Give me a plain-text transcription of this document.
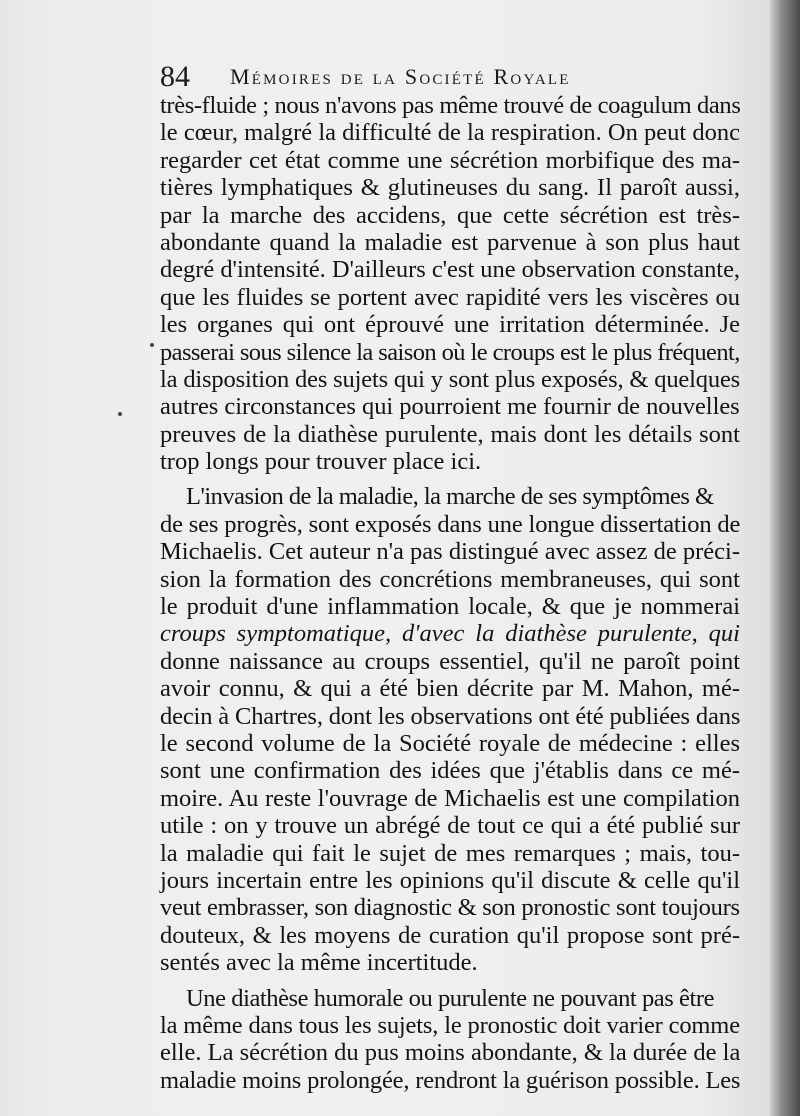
84 Mémoires de la Société Royale
très-fluide ; nous n'avons pas même trouvé de coagulum dans
le cœur, malgré la difficulté de la respiration. On peut donc
regarder cet état comme une sécrétion morbifique des ma-
tières lymphatiques & glutineuses du sang. Il paroît aussi,
par la marche des accidens, que cette sécrétion est très-
abondante quand la maladie est parvenue à son plus haut
degré d'intensité. D'ailleurs c'est une observation constante,
que les fluides se portent avec rapidité vers les viscères ou
les organes qui ont éprouvé une irritation déterminée. Je
passerai sous silence la saison où le croups est le plus fréquent,
la disposition des sujets qui y sont plus exposés, & quelques
autres circonstances qui pourroient me fournir de nouvelles
preuves de la diathèse purulente, mais dont les détails sont
trop longs pour trouver place ici.
L'invasion de la maladie, la marche de ses symptômes &
de ses progrès, sont exposés dans une longue dissertation de
Michaelis. Cet auteur n'a pas distingué avec assez de préci-
sion la formation des concrétions membraneuses, qui sont
le produit d'une inflammation locale, & que je nommerai
croups symptomatique, d'avec la diathèse purulente, qui
donne naissance au croups essentiel, qu'il ne paroît point
avoir connu, & qui a été bien décrite par M. Mahon, mé-
decin à Chartres, dont les observations ont été publiées dans
le second volume de la Société royale de médecine : elles
sont une confirmation des idées que j'établis dans ce mé-
moire. Au reste l'ouvrage de Michaelis est une compilation
utile : on y trouve un abrégé de tout ce qui a été publié sur
la maladie qui fait le sujet de mes remarques ; mais, tou-
jours incertain entre les opinions qu'il discute & celle qu'il
veut embrasser, son diagnostic & son pronostic sont toujours
douteux, & les moyens de curation qu'il propose sont pré-
sentés avec la même incertitude.
Une diathèse humorale ou purulente ne pouvant pas être
la même dans tous les sujets, le pronostic doit varier comme
elle. La sécrétion du pus moins abondante, & la durée de la
maladie moins prolongée, rendront la guérison possible. Les
